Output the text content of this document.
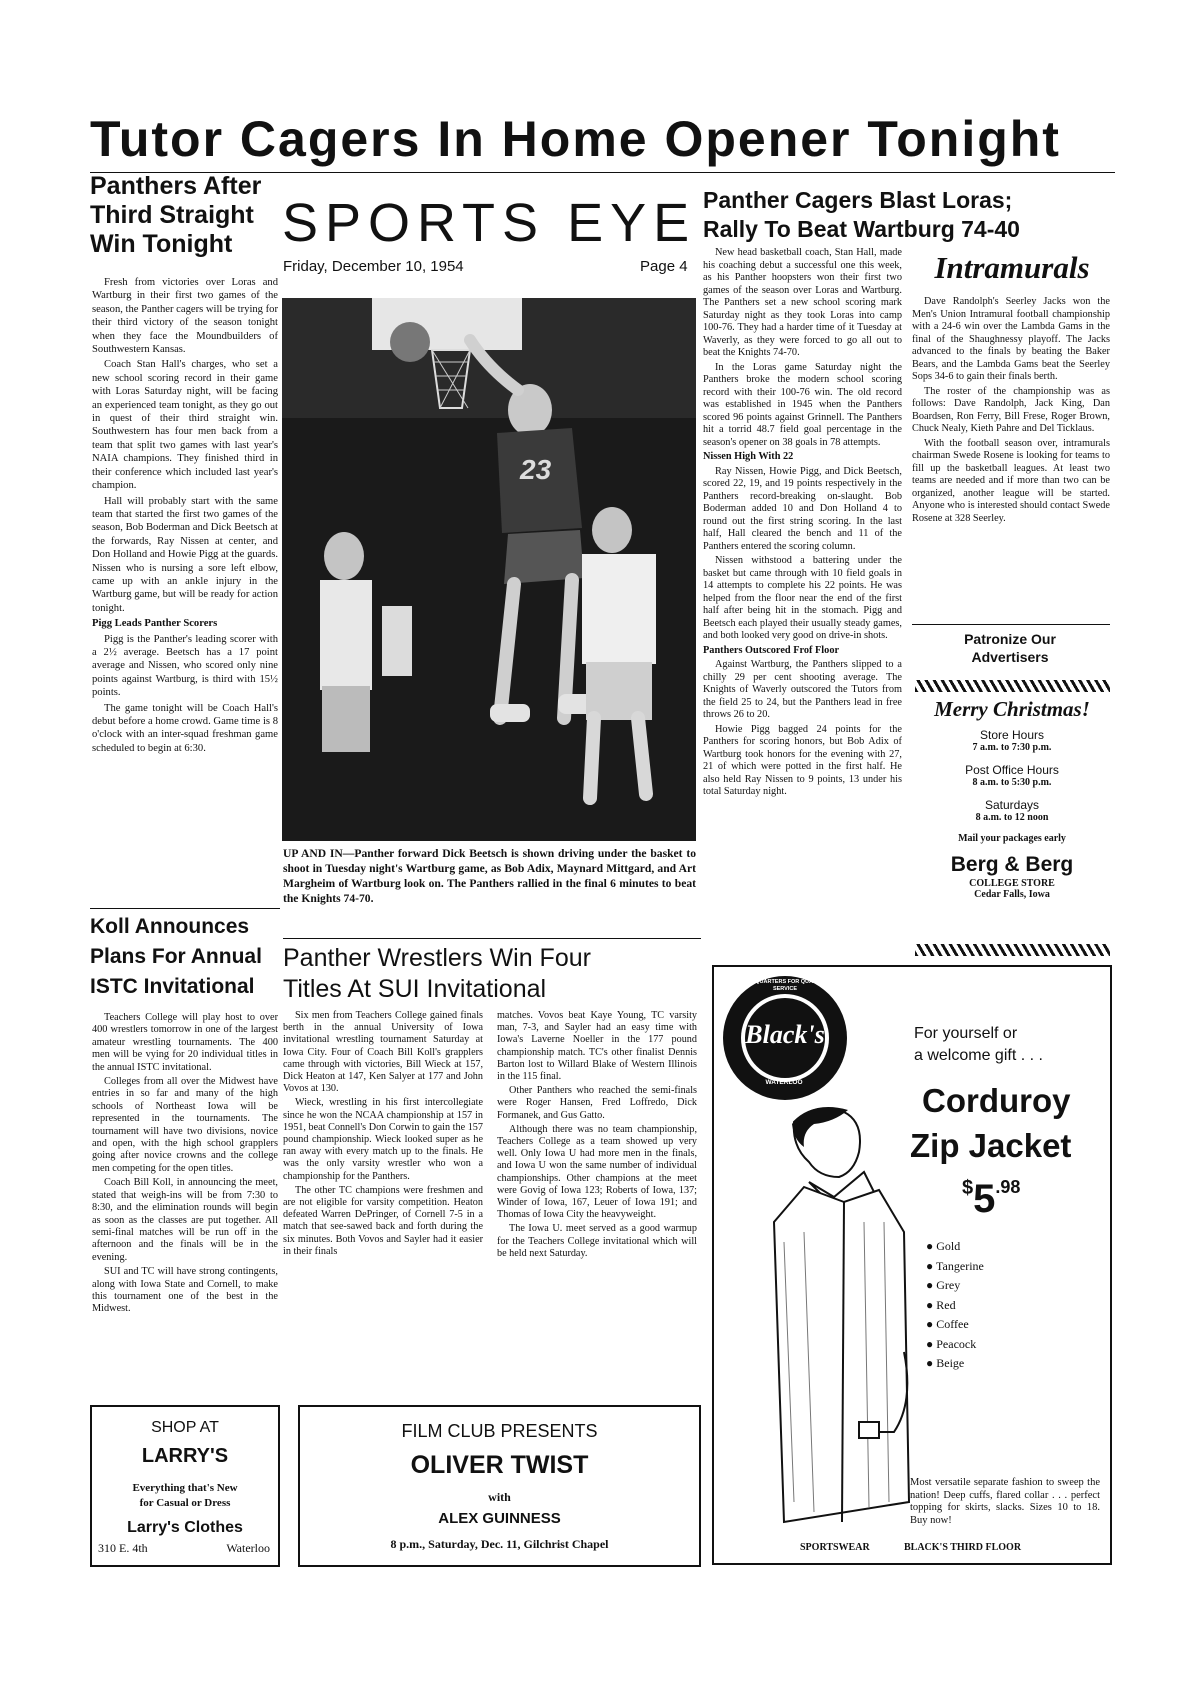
Tutor Cagers In Home Opener Tonight
Panthers After
Third Straight
Win Tonight

Fresh from victories over Loras and Wartburg in their first two games of the season, the Panther cagers will be trying for their third victory of the season tonight when they face the Moundbuilders of Southwestern Kansas.

Coach Stan Hall's charges, who set a new school scoring record in their game with Loras Saturday night, will be facing an experienced team tonight, as they go out in quest of their third straight win. Southwestern has four men back from a team that split two games with last year's NAIA champions. They finished third in their conference which included last year's champion.

Hall will probably start with the same team that started the first two games of the season, Bob Boderman and Dick Beetsch at the forwards, Ray Nissen at center, and Don Holland and Howie Pigg at the guards. Nissen who is nursing a sore left elbow, came up with an ankle injury in the Wartburg game, but will be ready for action tonight.

Pigg Leads Panther Scorers

Pigg is the Panther's leading scorer with a 2½ average. Beetsch has a 17 point average and Nissen, who scored only nine points against Wartburg, is third with 15½ points.

The game tonight will be Coach Hall's debut before a home crowd. Game time is 8 o'clock with an inter-squad freshman game scheduled to begin at 6:30.

Koll Announces
Plans For Annual
ISTC Invitational

Teachers College will play host to over 400 wrestlers tomorrow in one of the largest amateur wrestling tournaments. The 400 men will be vying for 20 individual titles in the annual ISTC invitational.

Colleges from all over the Midwest have entries in so far and many of the high schools of Northeast Iowa will be represented in the tournaments. The tournament will have two divisions, novice and open, with the high school grapplers going after novice crowns and the college men competing for the open titles.

Coach Bill Koll, in announcing the meet, stated that weigh-ins will be from 7:30 to 8:30, and the elimination rounds will begin as soon as the classes are put together. All semi-final matches will be run off in the afternoon and the finals will be in the evening.

SUI and TC will have strong contingents, along with Iowa State and Cornell, to make this tournament one of the best in the Midwest.

SPORTS EYE
Friday, December 10, 1954	Page 4
23
UP AND IN—Panther forward Dick Beetsch is shown driving under the basket to shoot in Tuesday night's Wartburg game, as Bob Adix, Maynard Mittgard, and Art Margheim of Wartburg look on. The Panthers rallied in the final 6 minutes to beat the Knights 74-70.
Panther Cagers Blast Loras;
Rally To Beat Wartburg 74-40

New head basketball coach, Stan Hall, made his coaching debut a successful one this week, as his Panther hoopsters won their first two games of the season over Loras and Wartburg. The Panthers set a new school scoring mark Saturday night as they took Loras into camp 100-76. They had a harder time of it Tuesday at Waverly, as they were forced to go all out to beat the Knights 74-70.

In the Loras game Saturday night the Panthers broke the modern school scoring record with their 100-76 win. The old record was established in 1945 when the Panthers scored 96 points against Grinnell. The Panthers hit a torrid 48.7 field goal percentage in the season's opener on 38 goals in 78 attempts.

Nissen High With 22

Ray Nissen, Howie Pigg, and Dick Beetsch, scored 22, 19, and 19 points respectively in the Panthers record-breaking on-slaught. Bob Boderman added 10 and Don Holland 4 to round out the first string scoring. In the last half, Hall cleared the bench and 11 of the Panthers entered the scoring column.

Nissen withstood a battering under the basket but came through with 10 field goals in 14 attempts to complete his 22 points. He was helped from the floor near the end of the first half after being hit in the stomach. Pigg and Beetsch each played their usually steady games, and both looked very good on drive-in shots.

Panthers Outscored Frof Floor

Against Wartburg, the Panthers slipped to a chilly 29 per cent shooting average. The Knights of Waverly outscored the Tutors from the field 25 to 24, but the Panthers lead in free throws 26 to 20.

Howie Pigg bagged 24 points for the Panthers for scoring honors, but Bob Adix of Wartburg took honors for the evening with 27, 21 of which were potted in the first half. He also held Ray Nissen to 9 points, 13 under his total Saturday night.

Intramurals

Dave Randolph's Seerley Jacks won the Men's Union Intramural football championship with a 24-6 win over the Lambda Gams in the final of the Shaughnessy playoff. The Jacks advanced to the finals by beating the Baker Bears, and the Lambda Gams beat the Seerley Sops 34-6 to gain their finals berth.

The roster of the championship was as follows: Dave Randolph, Jack King, Dan Boardsen, Ron Ferry, Bill Frese, Roger Brown, Chuck Nealy, Kieth Pahre and Del Ticklaus.

With the football season over, intramurals chairman Swede Rosene is looking for teams to fill up the basketball leagues. At least two teams are needed and if more than two can be organized, another league will be started. Anyone who is interested should contact Swede Rosene at 328 Seerley.

Patronize Our Advertisers
Merry Christmas!
Store Hours
7 a.m. to 7:30 p.m.
Post Office Hours
8 a.m. to 5:30 p.m.
Saturdays
8 a.m. to 12 noon
Mail your packages early
Berg & Berg
COLLEGE STORE
Cedar Falls, Iowa
Panther Wrestlers Win Four
Titles At SUI Invitational

Six men from Teachers College gained finals berth in the annual University of Iowa invitational wrestling tournament Saturday at Iowa City. Four of Coach Bill Koll's grapplers came through with victories, Bill Wieck at 157, Dick Heaton at 147, Ken Salyer at 177 and John Vovos at 130.

Wieck, wrestling in his first intercollegiate since he won the NCAA championship at 157 in 1951, beat Connell's Don Corwin to gain the 157 pound championship. Wieck looked super as he ran away with every match up to the finals. He was the only varsity wrestler who won a championship for the Panthers.

The other TC champions were freshmen and are not eligible for varsity competition. Heaton defeated Warren DePringer, of Cornell 7-5 in a match that see-sawed back and forth during the six minutes. Both Vovos and Sayler had it easier in their finals

matches. Vovos beat Kaye Young, TC varsity man, 7-3, and Sayler had an easy time with Iowa's Laverne Noeller in the 177 pound championship match. TC's other finalist Dennis Barton lost to Willard Blake of Western Illinois in the 115 final.

Other Panthers who reached the semi-finals were Roger Hansen, Fred Loffredo, Dick Formanek, and Gus Gatto.

Although there was no team championship, Teachers College as a team showed up very well. Only Iowa U had more men in the finals, and Iowa U won the same number of individual championships. Other champions at the meet were Govig of Iowa 123; Roberts of Iowa, 137; Winder of Iowa, 167, Leuer of Iowa 191; and Thomas of Iowa City the heavyweight.

The Iowa U. meet served as a good warmup for the Teachers College invitational which will be held next Saturday.

Black's
HEADQUARTERS FOR QUALITY & SERVICE
WATERLOO
For yourself or
a welcome gift . . .
Corduroy
Zip Jacket
$5.98
● Gold
● Tangerine
● Grey
● Red
● Coffee
● Peacock
● Beige
Most versatile separate fashion to sweep the nation! Deep cuffs, flared collar . . . perfect topping for skirts, slacks. Sizes 10 to 18. Buy now!
SPORTSWEAR	BLACK'S THIRD FLOOR
SHOP AT
LARRY'S
Everything that's New
for Casual or Dress
Larry's Clothes
310 E. 4th	Waterloo
FILM CLUB PRESENTS
OLIVER TWIST
with
ALEX GUINNESS
8 p.m., Saturday, Dec. 11, Gilchrist Chapel
